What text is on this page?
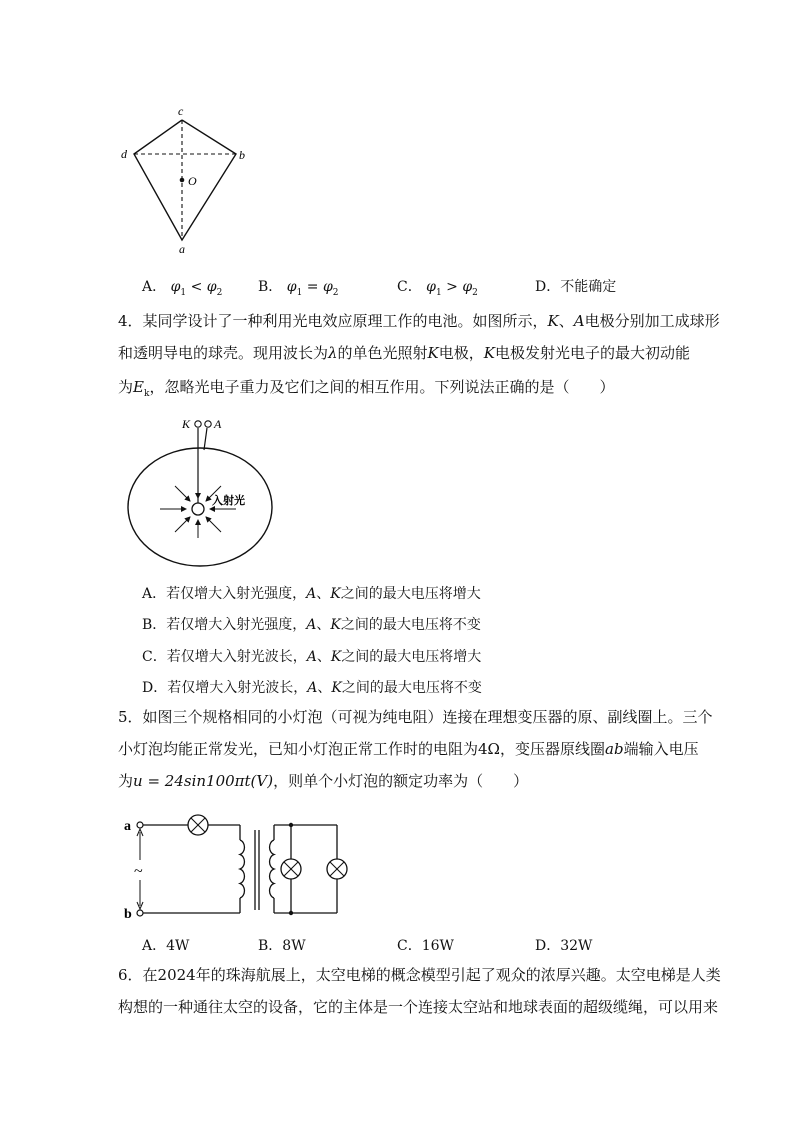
c
d	b
O
a
A． $\varphi_1 < \varphi_2$	B． $\varphi_1 = \varphi_2$	C． $\varphi_1 > \varphi_2$	D．不能确定
4．某同学设计了一种利用光电效应原理工作的电池。如图所示，K、A电极分别加工成球形
和透明导电的球壳。现用波长为λ的单色光照射K电极，K电极发射光电子的最大初动能
为$E_k$，忽略光电子重力及它们之间的相互作用。下列说法正确的是（　　）
K A
入射光
A．若仅增大入射光强度，A、K之间的最大电压将增大
B．若仅增大入射光强度，A、K之间的最大电压将不变
C．若仅增大入射光波长，A、K之间的最大电压将增大
D．若仅增大入射光波长，A、K之间的最大电压将不变
5．如图三个规格相同的小灯泡（可视为纯电阻）连接在理想变压器的原、副线圈上。三个
小灯泡均能正常发光，已知小灯泡正常工作时的电阻为4Ω，变压器原线圈ab端输入电压
为u = 24sin100πt(V)，则单个小灯泡的额定功率为（　　）
a
b
~
A．4W	B．8W	C．16W	D．32W
6．在2024年的珠海航展上，太空电梯的概念模型引起了观众的浓厚兴趣。太空电梯是人类
构想的一种通往太空的设备，它的主体是一个连接太空站和地球表面的超级缆绳，可以用来
